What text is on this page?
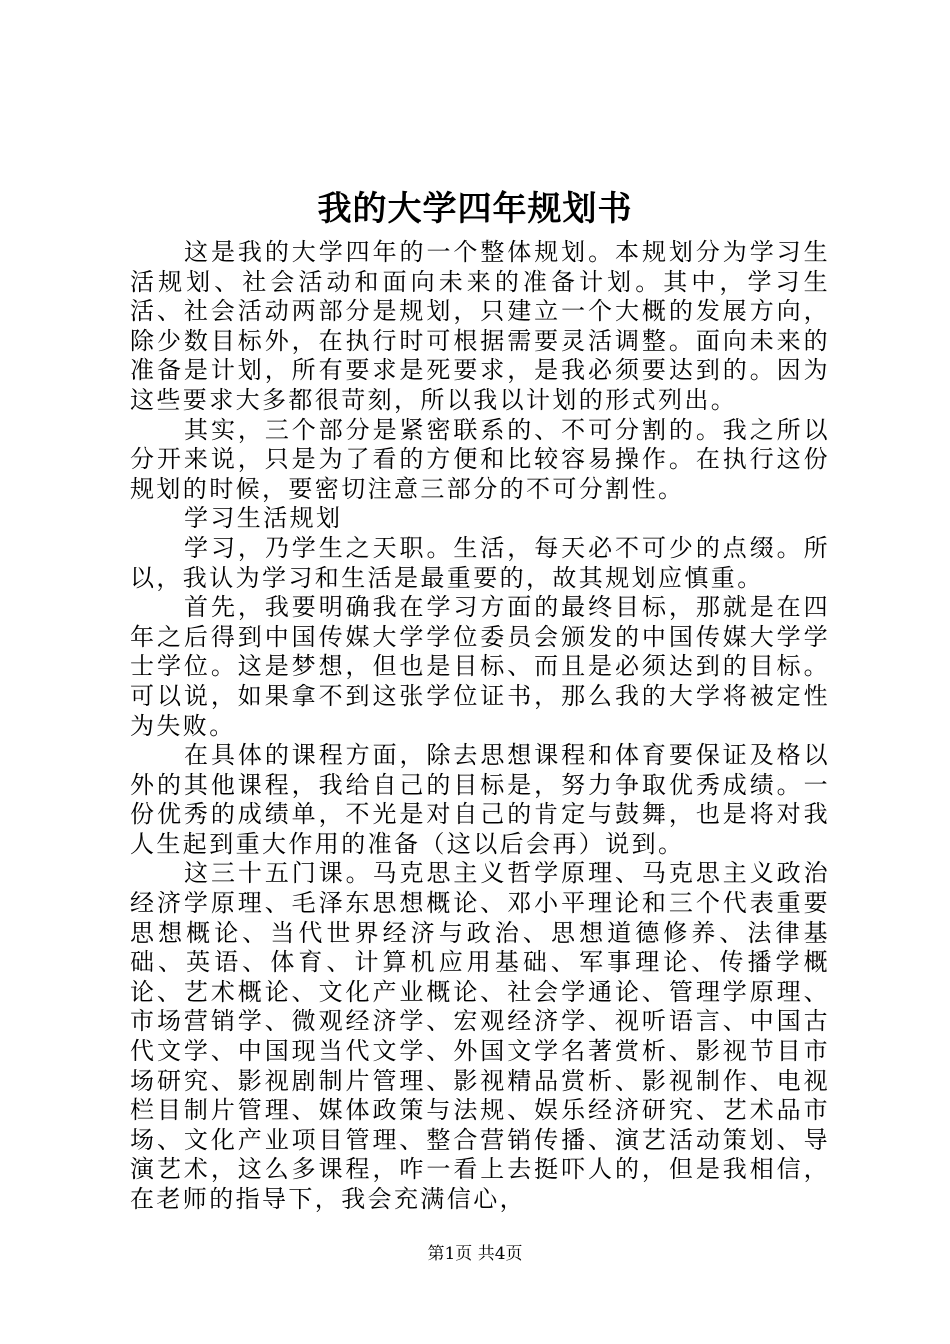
我的大学四年规划书

这是我的大学四年的一个整体规划。本规划分为学习生活规划、社会活动和面向未来的准备计划。其中，学习生活、社会活动两部分是规划，只建立一个大概的发展方向，除少数目标外，在执行时可根据需要灵活调整。面向未来的准备是计划，所有要求是死要求，是我必须要达到的。因为这些要求大多都很苛刻，所以我以计划的形式列出。

其实，三个部分是紧密联系的、不可分割的。我之所以分开来说，只是为了看的方便和比较容易操作。在执行这份规划的时候，要密切注意三部分的不可分割性。

学习生活规划

学习，乃学生之天职。生活，每天必不可少的点缀。所以，我认为学习和生活是最重要的，故其规划应慎重。

首先，我要明确我在学习方面的最终目标，那就是在四年之后得到中国传媒大学学位委员会颁发的中国传媒大学学士学位。这是梦想，但也是目标、而且是必须达到的目标。可以说，如果拿不到这张学位证书，那么我的大学将被定性为失败。

在具体的课程方面，除去思想课程和体育要保证及格以外的其他课程，我给自己的目标是，努力争取优秀成绩。一份优秀的成绩单，不光是对自己的肯定与鼓舞，也是将对我人生起到重大作用的准备（这以后会再）说到。

这三十五门课。马克思主义哲学原理、马克思主义政治经济学原理、毛泽东思想概论、邓小平理论和三个代表重要思想概论、当代世界经济与政治、思想道德修养、法律基础、英语、体育、计算机应用基础、军事理论、传播学概论、艺术概论、文化产业概论、社会学通论、管理学原理、市场营销学、微观经济学、宏观经济学、视听语言、中国古代文学、中国现当代文学、外国文学名著赏析、影视节目市场研究、影视剧制片管理、影视精品赏析、影视制作、电视栏目制片管理、媒体政策与法规、娱乐经济研究、艺术品市场、文化产业项目管理、整合营销传播、演艺活动策划、导演艺术，这么多课程，咋一看上去挺吓人的，但是我相信，在老师的指导下，我会充满信心，

第1页 共4页
